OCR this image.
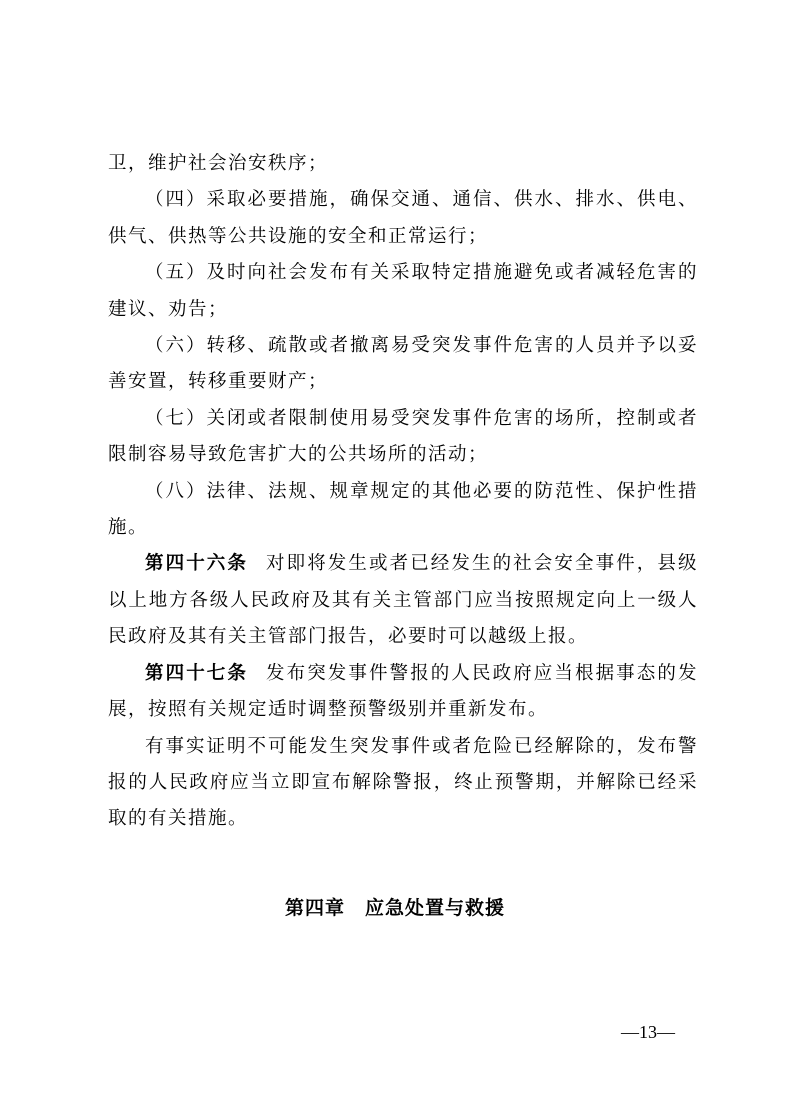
卫，维护社会治安秩序；

（四）采取必要措施，确保交通、通信、供水、排水、供电、供气、供热等公共设施的安全和正常运行；

（五）及时向社会发布有关采取特定措施避免或者减轻危害的建议、劝告；

（六）转移、疏散或者撤离易受突发事件危害的人员并予以妥善安置，转移重要财产；

（七）关闭或者限制使用易受突发事件危害的场所，控制或者限制容易导致危害扩大的公共场所的活动；

（八）法律、法规、规章规定的其他必要的防范性、保护性措施。

第四十六条 对即将发生或者已经发生的社会安全事件，县级以上地方各级人民政府及其有关主管部门应当按照规定向上一级人民政府及其有关主管部门报告，必要时可以越级上报。

第四十七条 发布突发事件警报的人民政府应当根据事态的发展，按照有关规定适时调整预警级别并重新发布。

有事实证明不可能发生突发事件或者危险已经解除的，发布警报的人民政府应当立即宣布解除警报，终止预警期，并解除已经采取的有关措施。

第四章　应急处置与救援
—13—
